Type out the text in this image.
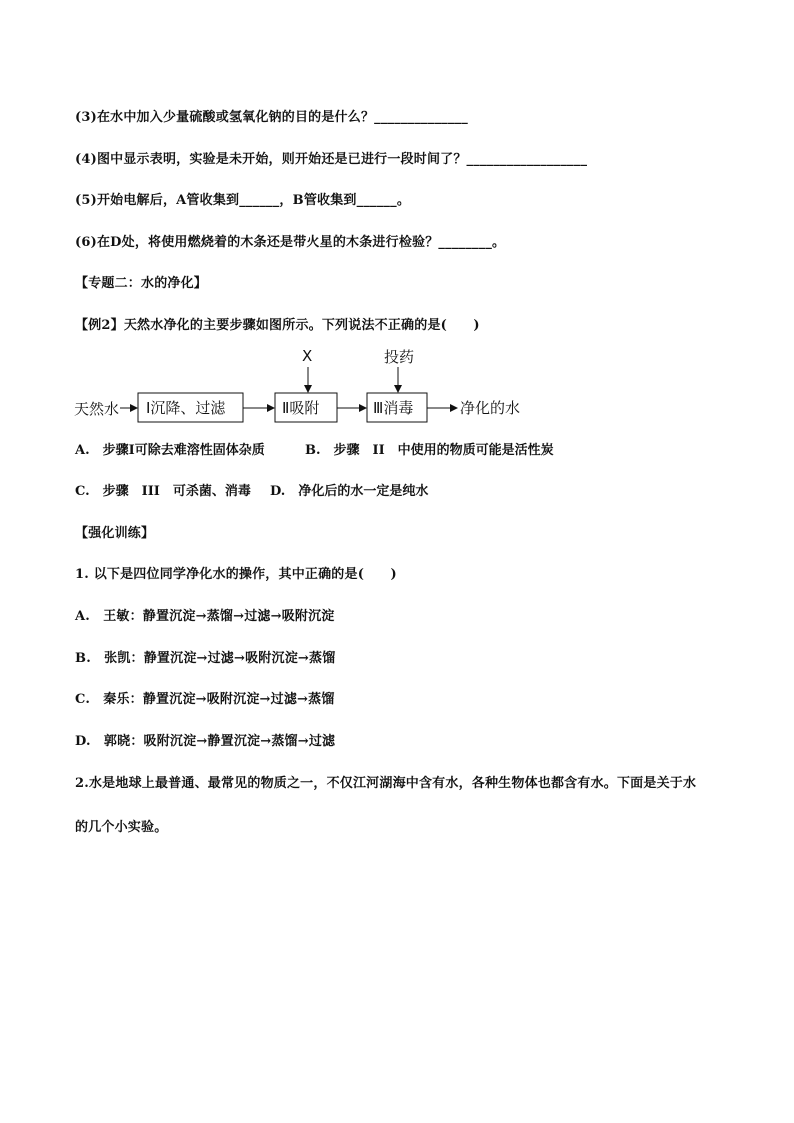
(3)在水中加入少量硫酸或氢氧化钠的目的是什么？______________
(4)图中显示表明，实验是未开始，则开始还是已进行一段时间了？__________________
(5)开始电解后，A管收集到______，B管收集到______。
(6)在D处，将使用燃烧着的木条还是带火星的木条进行检验？________。
【专题二：水的净化】
【例2】天然水净化的主要步骤如图所示。下列说法不正确的是(　　)
天然水 Ⅰ沉降、过滤	Ⅱ吸附	Ⅲ消毒	净化的水
X	投药
A.　步骤Ⅰ可除去难溶性固体杂质	B.　步骤　II　中使用的物质可能是活性炭
C.　步骤　III　可杀菌、消毒 D.　净化后的水一定是纯水
【强化训练】
1. 以下是四位同学净化水的操作，其中正确的是(　　)
A.　王敏：静置沉淀→蒸馏→过滤→吸附沉淀
B.　张凯：静置沉淀→过滤→吸附沉淀→蒸馏
C.　秦乐：静置沉淀→吸附沉淀→过滤→蒸馏
D.　郭晓：吸附沉淀→静置沉淀→蒸馏→过滤
2.水是地球上最普通、最常见的物质之一，不仅江河湖海中含有水，各种生物体也都含有水。下面是关于水
的几个小实验。
